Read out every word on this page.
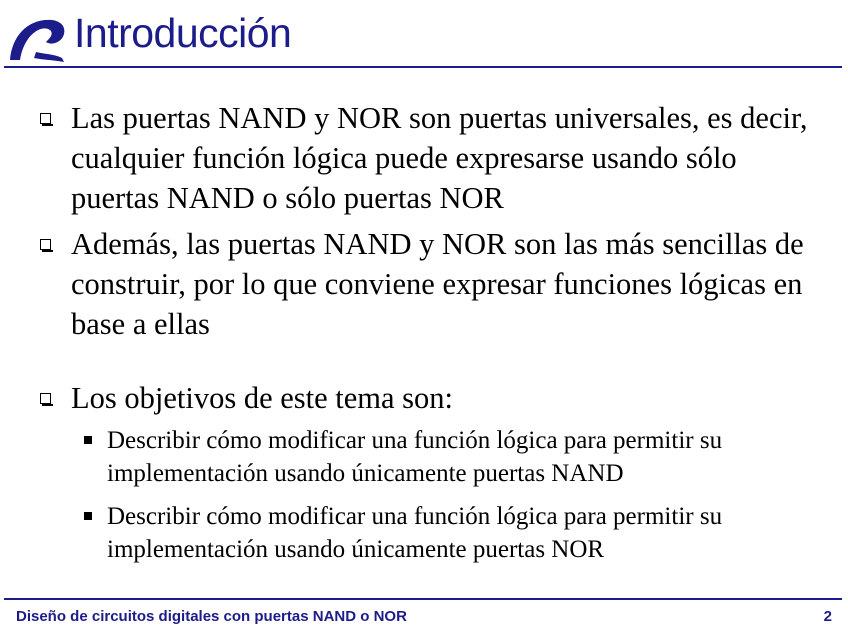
Introducción
Las puertas NAND y NOR son puertas universales, es decir, cualquier función lógica puede expresarse usando sólo puertas NAND o sólo puertas NOR
Además, las puertas NAND y NOR son las más sencillas de construir, por lo que conviene expresar funciones lógicas en base a ellas
Los objetivos de este tema son:
Describir cómo modificar una función lógica para permitir su implementación usando únicamente puertas NAND
Describir cómo modificar una función lógica para permitir su implementación usando únicamente puertas NOR
Diseño de circuitos digitales con puertas NAND o NOR	2
